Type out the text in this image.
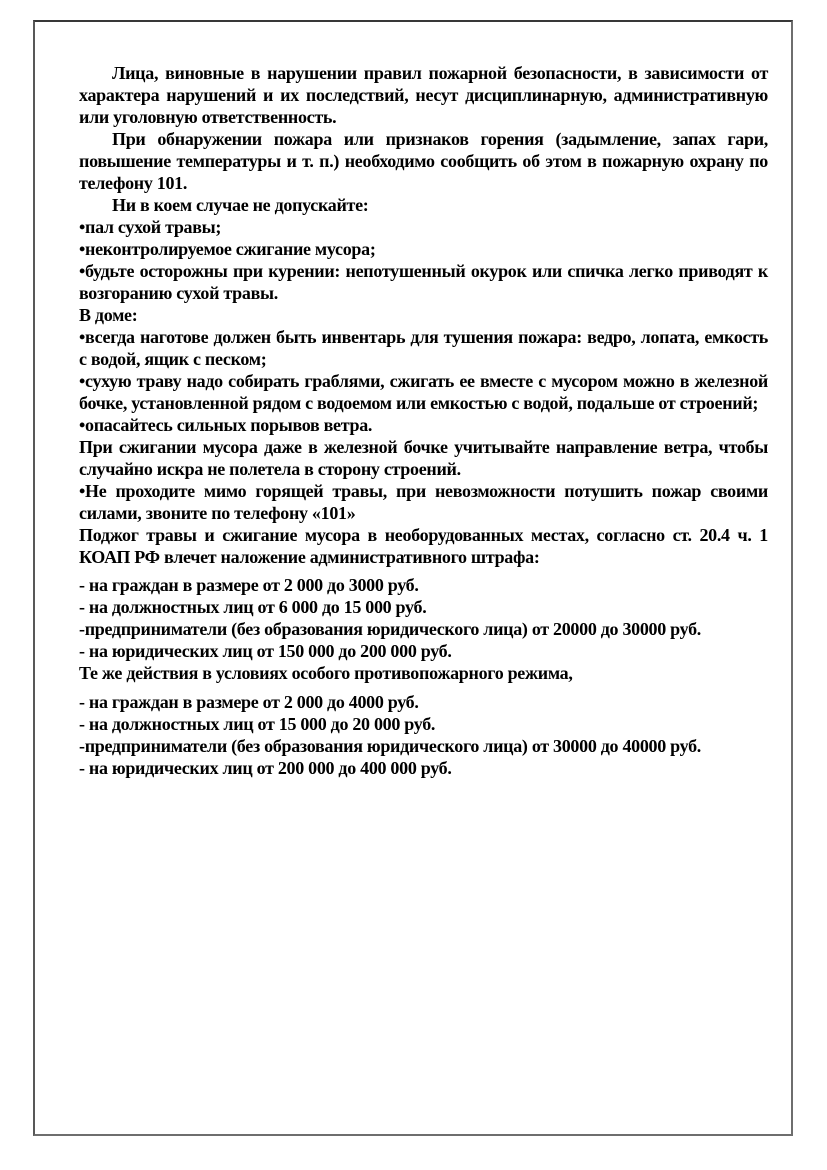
Лица, виновные в нарушении правил пожарной безопасности, в зависимости от характера нарушений и их последствий, несут дисциплинарную, административную или уголовную ответственность.

При обнаружении пожара или признаков горения (задымление, запах гари, повышение температуры и т. п.) необходимо сообщить об этом в пожарную охрану по телефону 101.

Ни в коем случае не допускайте:

•пал сухой травы;

•неконтролируемое сжигание мусора;

•будьте осторожны при курении: непотушенный окурок или спичка легко приводят к возгоранию сухой травы.

В доме:

•всегда наготове должен быть инвентарь для тушения пожара: ведро, лопата, емкость с водой, ящик с песком;

•сухую траву надо собирать граблями, сжигать ее вместе с мусором можно в железной бочке, установленной рядом с водоемом или емкостью с водой, подальше от строений;

•опасайтесь сильных порывов ветра.

При сжигании мусора даже в железной бочке учитывайте направление ветра, чтобы случайно искра не полетела в сторону строений.

•Не проходите мимо горящей травы, при невозможности потушить пожар своими силами, звоните по телефону «101»

Поджог травы и сжигание мусора в необорудованных местах, согласно ст. 20.4 ч. 1 КОАП РФ влечет наложение административного штрафа:

- на граждан в размере от 2 000 до 3000 руб.

- на должностных лиц от 6 000 до 15 000 руб.

-предприниматели (без образования юридического лица) от 20000 до 30000 руб.

- на юридических лиц от 150 000 до 200 000 руб.

Те же действия в условиях особого противопожарного режима,

- на граждан в размере от 2 000 до 4000 руб.

- на должностных лиц от 15 000 до 20 000 руб.

-предприниматели (без образования юридического лица) от 30000 до 40000 руб.

- на юридических лиц от 200 000 до 400 000 руб.
